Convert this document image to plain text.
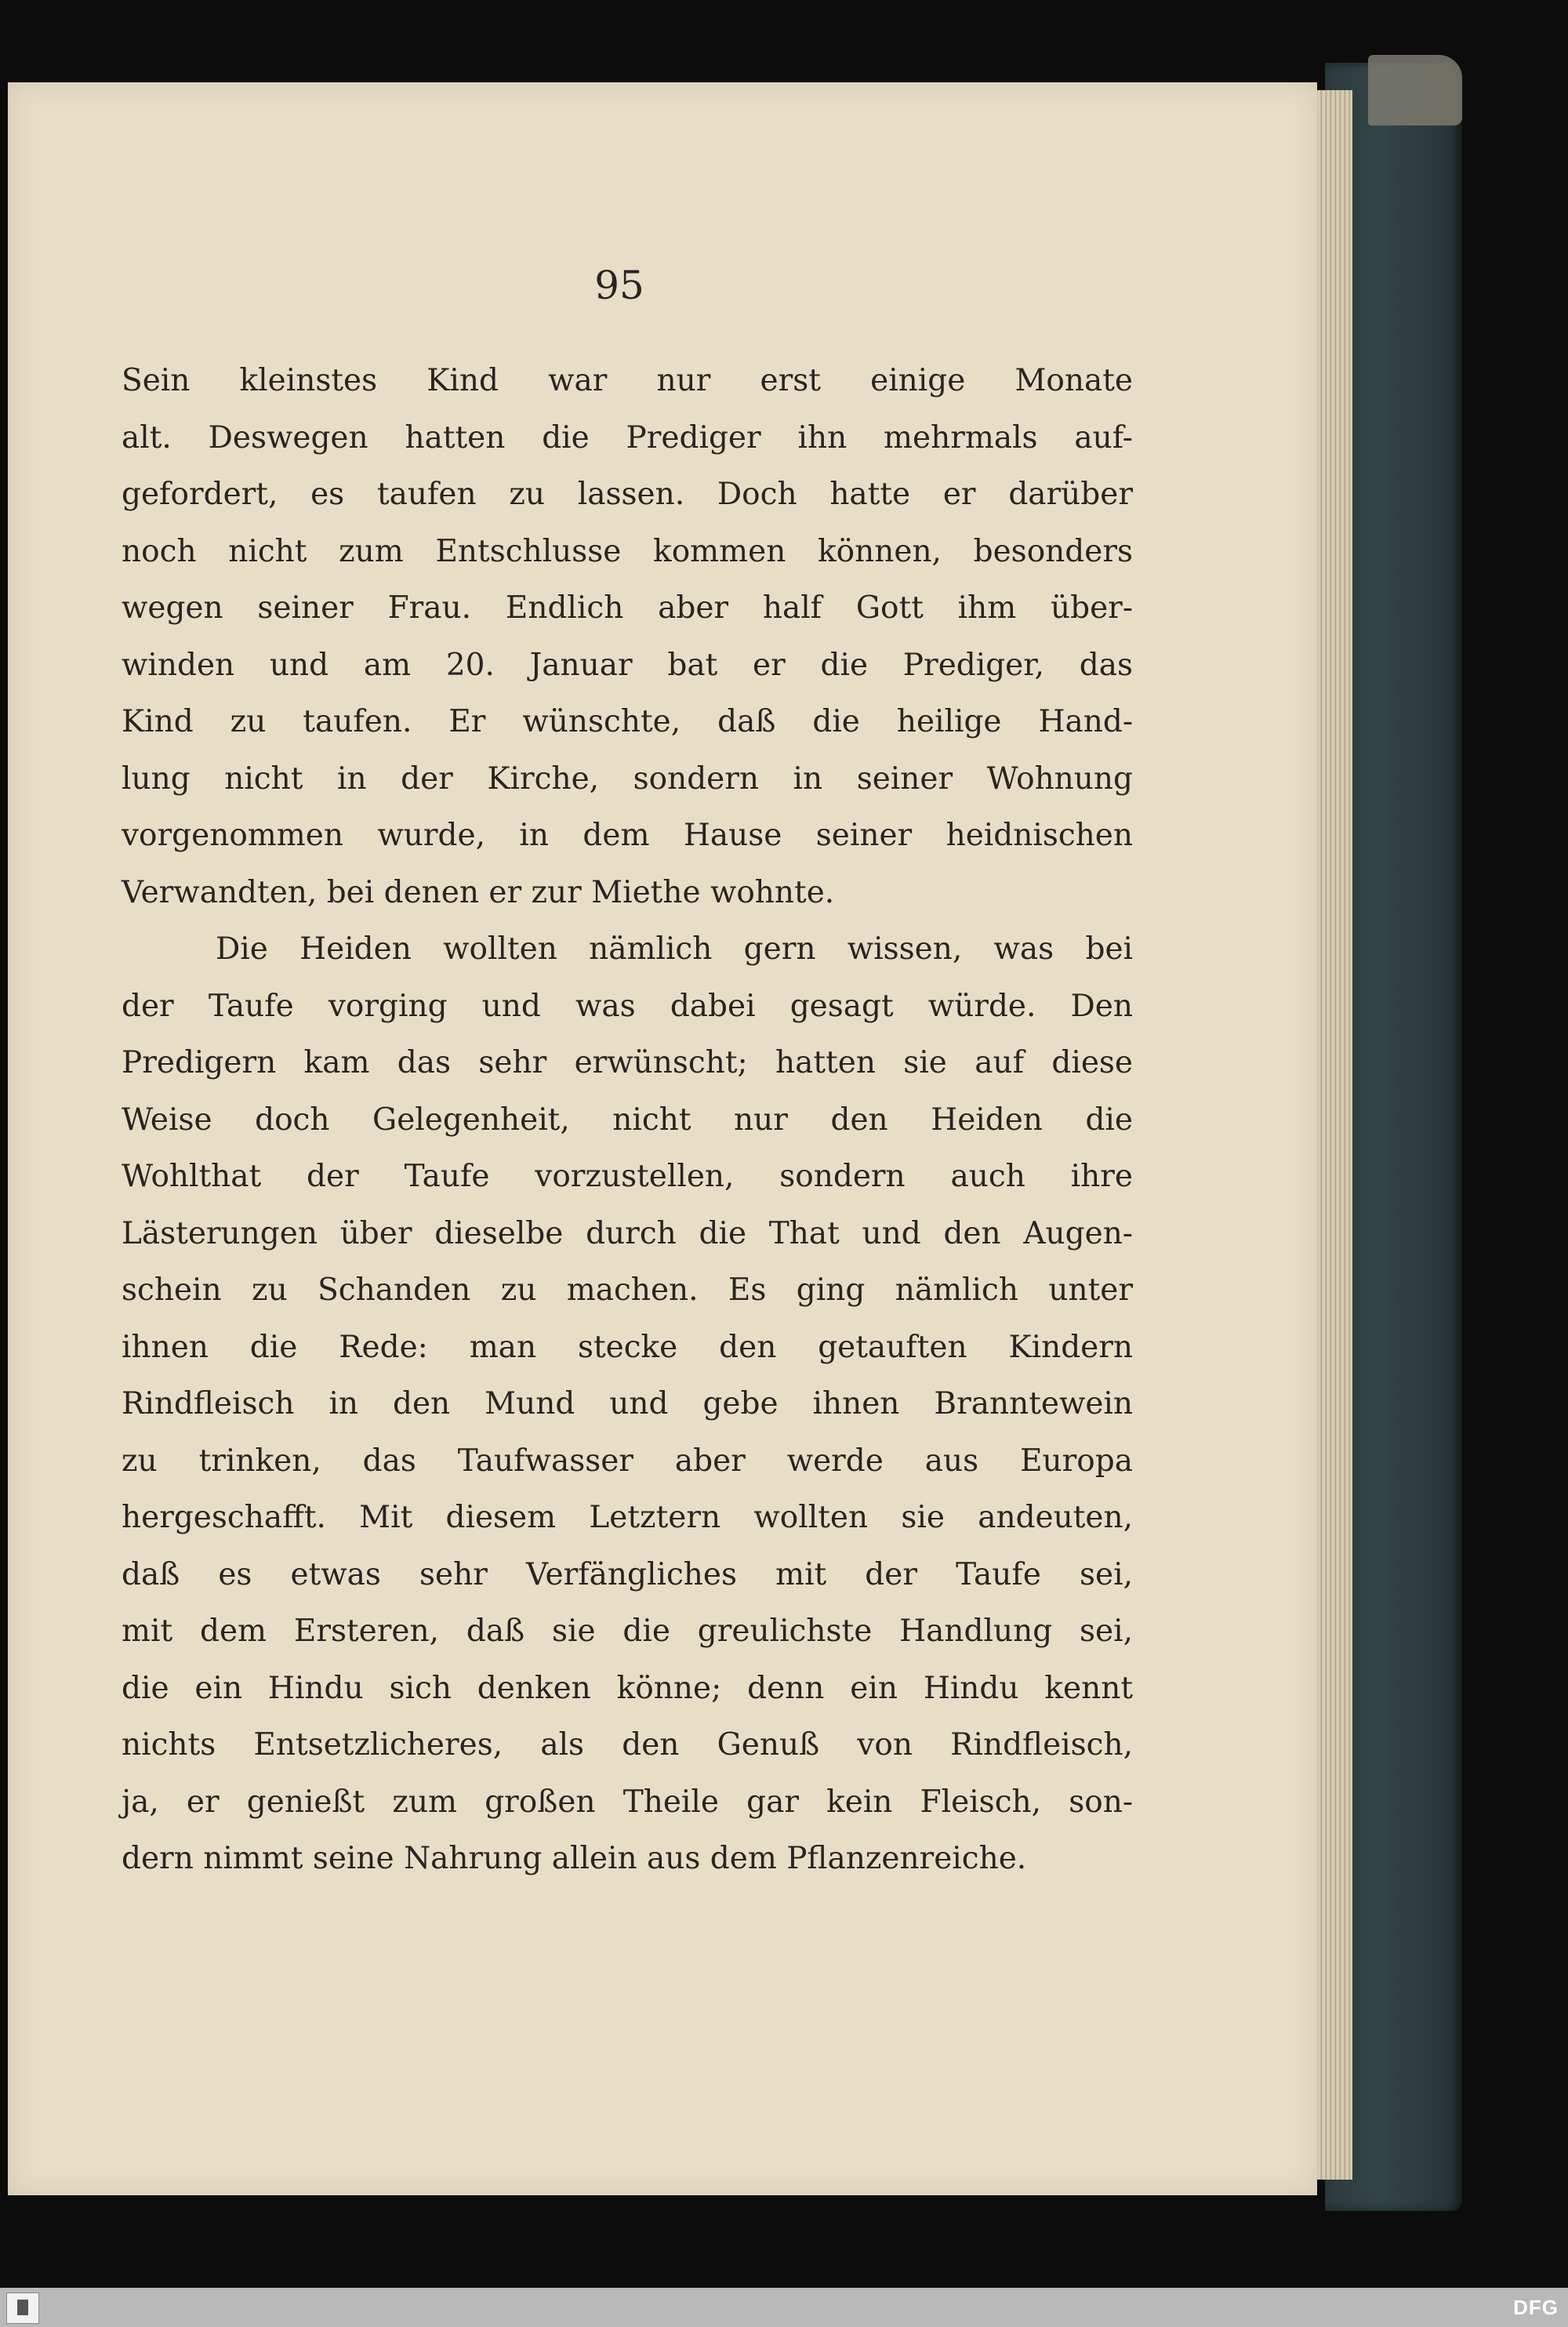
95
Sein kleinstes Kind war nur erst einige Monate
alt. Deswegen hatten die Prediger ihn mehrmals auf-
gefordert, es taufen zu lassen. Doch hatte er darüber
noch nicht zum Entschlusse kommen können, besonders
wegen seiner Frau. Endlich aber half Gott ihm über-
winden und am 20. Januar bat er die Prediger, das
Kind zu taufen. Er wünschte, daß die heilige Hand-
lung nicht in der Kirche, sondern in seiner Wohnung
vorgenommen wurde, in dem Hause seiner heidnischen
Verwandten, bei denen er zur Miethe wohnte.
Die Heiden wollten nämlich gern wissen, was bei
der Taufe vorging und was dabei gesagt würde. Den
Predigern kam das sehr erwünscht; hatten sie auf diese
Weise doch Gelegenheit, nicht nur den Heiden die
Wohlthat der Taufe vorzustellen, sondern auch ihre
Lästerungen über dieselbe durch die That und den Augen-
schein zu Schanden zu machen. Es ging nämlich unter
ihnen die Rede: man stecke den getauften Kindern
Rindfleisch in den Mund und gebe ihnen Branntewein
zu trinken, das Taufwasser aber werde aus Europa
hergeschafft. Mit diesem Letztern wollten sie andeuten,
daß es etwas sehr Verfängliches mit der Taufe sei,
mit dem Ersteren, daß sie die greulichste Handlung sei,
die ein Hindu sich denken könne; denn ein Hindu kennt
nichts Entsetzlicheres, als den Genuß von Rindfleisch,
ja, er genießt zum großen Theile gar kein Fleisch, son-
dern nimmt seine Nahrung allein aus dem Pflanzenreiche.
DFG
